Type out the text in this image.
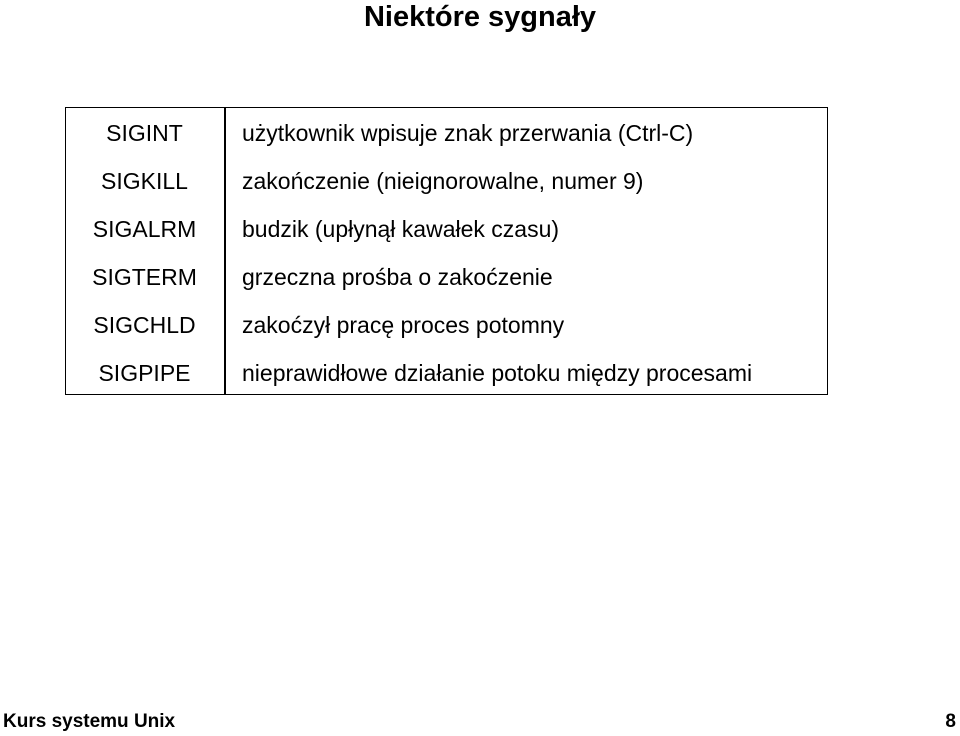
Niektóre sygnały
SIGINT	użytkownik wpisuje znak przerwania (Ctrl-C)
SIGKILL	zakończenie (nieignorowalne, numer 9)
SIGALRM	budzik (upłynął kawałek czasu)
SIGTERM	grzeczna prośba o zakoćzenie
SIGCHLD	zakoćzył pracę proces potomny
SIGPIPE	nieprawidłowe działanie potoku między procesami
Kurs systemu Unix	8
